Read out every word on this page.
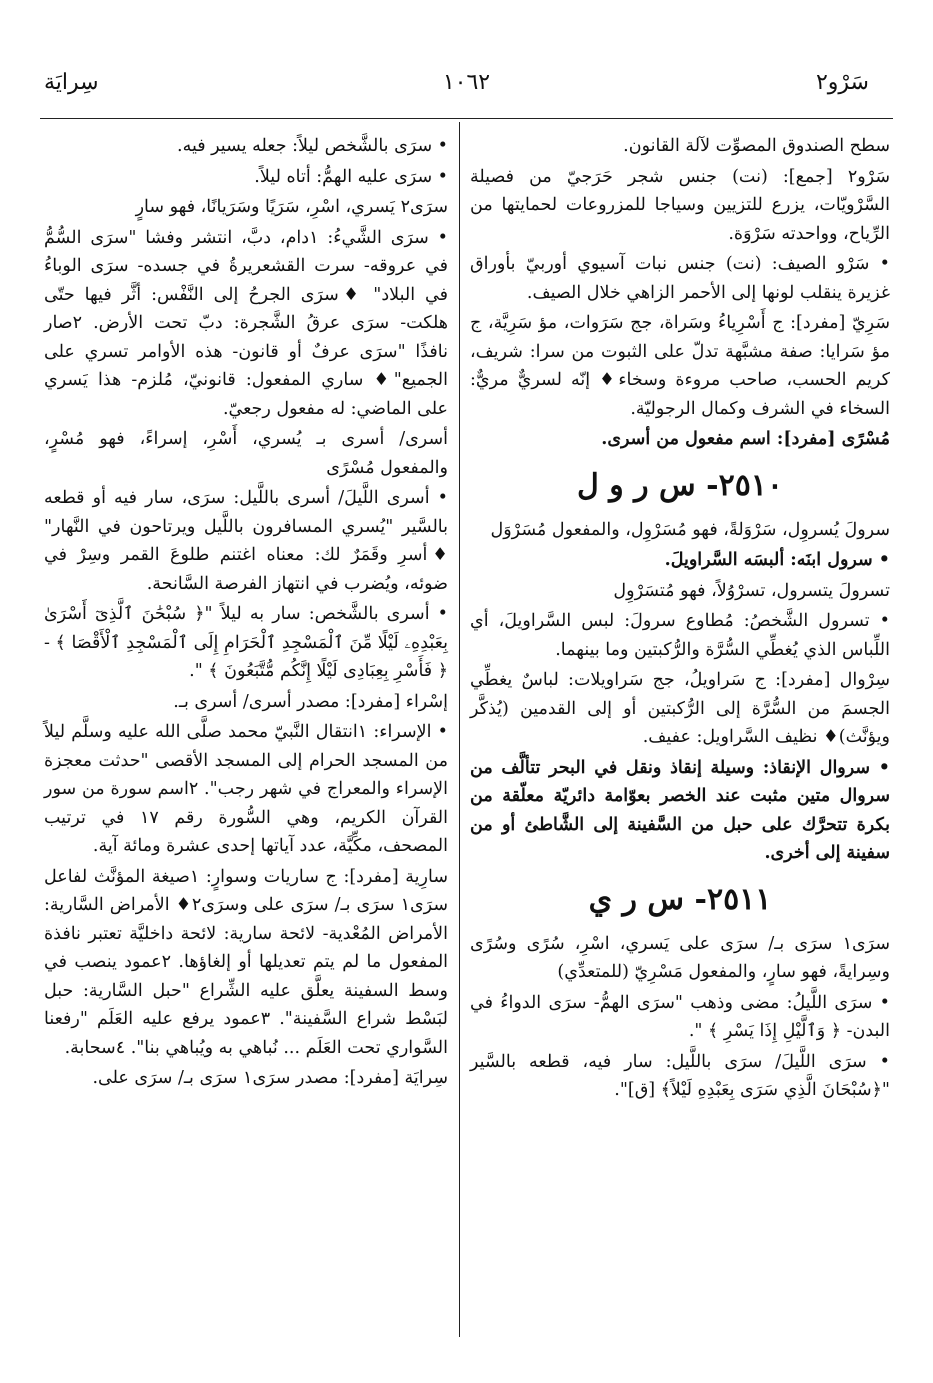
سَرْو٢
١٠٦٢
سِرايَة

سطح الصندوق المصوِّت لآلة القانون.

سَرْو٢ [جمع]: (نت) جنس شجر حَرَجيّ من فصيلة السَّرْويّات، يزرع للتزيين وسياجا للمزروعات لحمايتها من الرِّياح، وواحدته سَرْوَة.

• سَرْو الصيف: (نت) جنس نبات آسيوي أوربيّ بأوراق غزيرة ينقلب لونها إلى الأحمر الزاهي خلال الصيف.

سَرِيّ [مفرد]: ج أَسْرِياءُ وسَراة، جج سَرَوات، مؤ سَرِيَّة، ج مؤ سَرايا: صفة مشبَّهة تدلّ على الثبوت من سرا: شريف، كريم الحسب، صاحب مروءة وسخاء♦ إنّه لسريٌّ مريٌّ: السخاء في الشرف وكمال الرجوليّة.

مُسْرًى [مفرد]: اسم مفعول من أسرى.

٢٥١٠- س ر و ل

سرولَ يُسروِل، سَرْوَلةً، فهو مُسَرْوِل، والمفعول مُسَرْوَل

• سرول ابنَه: ألبسَه السَّراويلَ.

تسرولَ يتسرول، تسرْوُلاً، فهو مُتسَرْوِل

• تسرول الشَّخصُ: مُطاوع سرولَ: لبس السَّراويلَ، أي اللِّباس الذي يُغطِّي السُّرَّة والرُّكبتين وما بينهما.

سِرْوال [مفرد]: ج سَراويلُ، جج سَراويلات: لباسٌ يغطِّي الجسمَ من السُّرَّة إلى الرُّكبتين أو إلى القدمين (يُذكَّر ويؤنَّث)♦ نظيف السَّراويل: عفيف.

• سروال الإنقاذ: وسيلة إنقاذ ونقل في البحر تتألَّف من سروال متين مثبت عند الخصر بعوّامة دائريّة معلّقة من بكرة تتحرَّك على حبل من السَّفينة إلى الشَّاطئ أو من سفينة إلى أخرى.

٢٥١١- س ر ي

سرَى١ سرَى بـ/ سرَى على يَسري، اسْرِ، سُرًى وسُرًى وسِرايةً، فهو سارٍ، والمفعول مَسْرِيّ (للمتعدِّي)

• سرَى اللَّيلُ: مضى وذهب "سرَى الهمُّ- سرَى الدواءُ في البدن- ﴿ وَٱلَّيْلِ إِذَا يَسْرِ ﴾ ".

• سرَى اللَّيلَ/ سرَى باللَّيل: سار فيه، قطعه بالسَّير "﴿سُبْحَانَ الَّذِي سَرَى بِعَبْدِهِ لَيْلاً﴾ [ق]".

• سرَى بالشَّخص ليلاً: جعله يسير فيه.

• سرَى عليه الهمُّ: أتاه ليلاً.

سرَى٢ يَسري، اسْرِ، سَرَيًا وسَرَيانًا، فهو سارٍ

• سرَى الشَّيءُ: ١دام، دبَّ، انتشر وفشا "سرَى السُّمُّ في عروقه- سرت القشعريرةُ في جسده- سرَى الوباءُ في البلاد" ♦سرَى الجرحُ إلى النَّفْس: أثَّر فيها حتّى هلكت- سرَى عرقُ الشَّجرة: دبّ تحت الأرض. ٢صار نافذًا "سرَى عرفٌ أو قانون- هذه الأوامر تسري على الجميع"♦ ساري المفعول: قانونيّ، مُلزم- هذا يَسري على الماضي: له مفعول رجعيّ.

أسرى/ أسرى بـ يُسري، أَسْرِ، إسراءً، فهو مُسْرٍ، والمفعول مُسْرًى

• أسرى اللَّيلَ/ أسرى باللَّيل: سرَى، سار فيه أو قطعه بالسَّير "يُسري المسافرون باللَّيل ويرتاحون في النَّهار" ♦أسرِ وقَمَرٌ لك: معناه اغتنم طلوعَ القمر وسِرْ في ضوئه، ويُضرب في انتهاز الفرصة السَّانحة.

• أسرى بالشَّخص: سار به ليلاً "﴿ سُبْحَٰنَ ٱلَّذِىٓ أَسْرَىٰ بِعَبْدِهِۦ لَيْلًا مِّنَ ٱلْمَسْجِدِ ٱلْحَرَامِ إِلَى ٱلْمَسْجِدِ ٱلْأَقْصَا ﴾ - ﴿ فَأَسْرِ بِعِبَادِى لَيْلًا إِنَّكُم مُّتَّبَعُونَ ﴾ ".

إسْراء [مفرد]: مصدر أسرى/ أسرى بـ.

• الإسراء: ١انتقال النَّبيّ محمد صلَّى الله عليه وسلَّم ليلاً من المسجد الحرام إلى المسجد الأقصى "حدثت معجزة الإسراء والمعراج في شهر رجب". ٢اسم سورة من سور القرآن الكريم، وهي السُّورة رقم ١٧ في ترتيب المصحف، مكِّيَّة، عدد آياتها إحدى عشرة ومائة آية.

سارِية [مفرد]: ج ساريات وسوارٍ: ١صيغة المؤنَّث لفاعل سرَى١ سرَى بـ/ سرَى على وسرَى٢♦ الأمراض السَّارية: الأمراض المُعْدية- لائحة سارية: لائحة داخليَّة تعتبر نافذة المفعول ما لم يتم تعديلها أو إلغاؤها. ٢عمود ينصب في وسط السفينة يعلَّق عليه الشِّراع "حبل السَّارية: حبل لبَسْط شراع السَّفينة". ٣عمود يرفع عليه العَلَم "رفعنا السَّواري تحت العَلَم ... نُباهي به ويُباهي بنا". ٤سحابة.

سِرايَة [مفرد]: مصدر سرَى١ سرَى بـ/ سرَى على.
